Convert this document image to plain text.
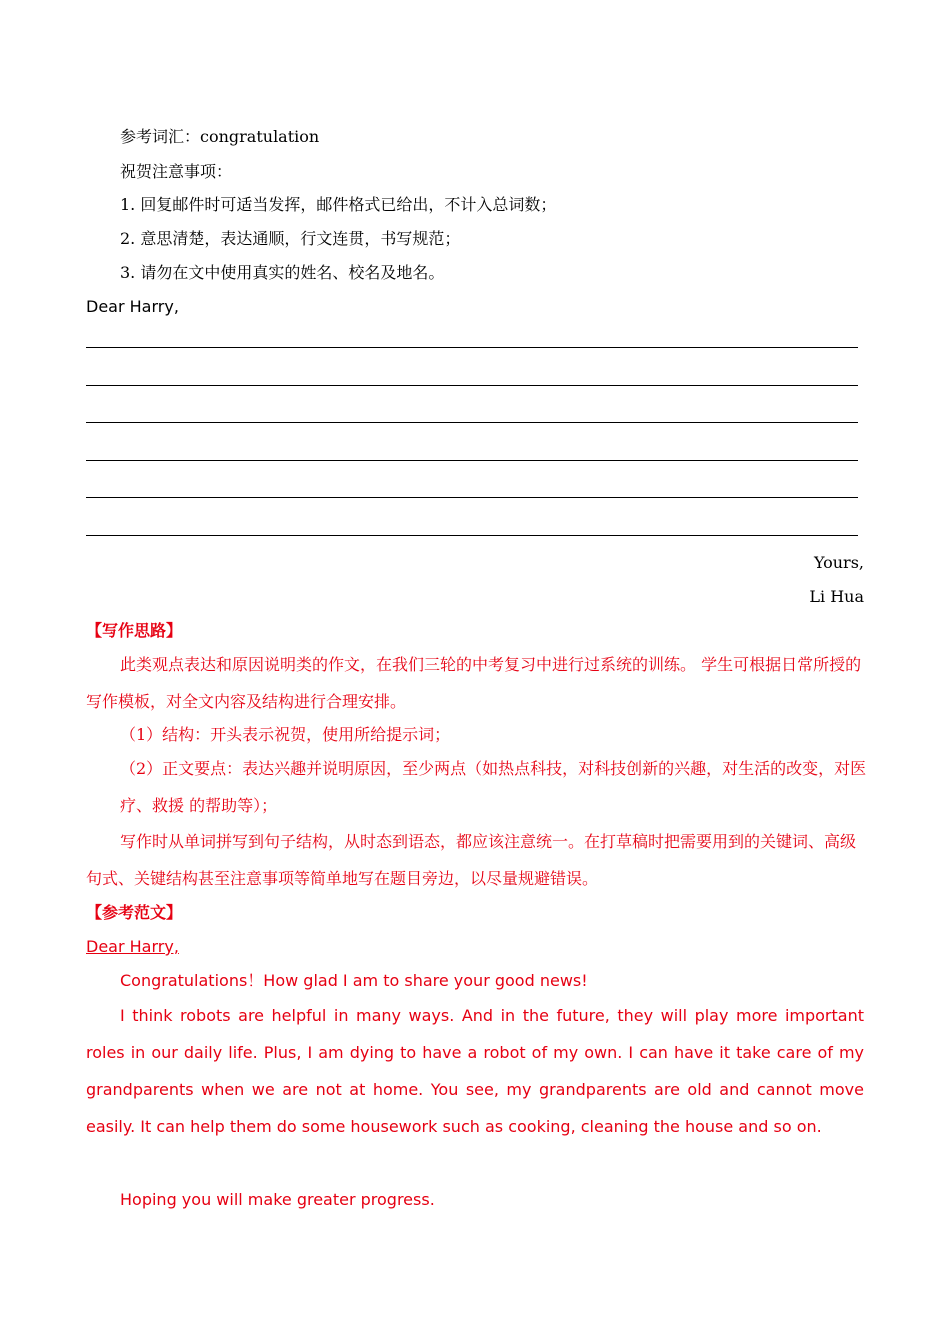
参考词汇：congratulation
祝贺注意事项：
1. 回复邮件时可适当发挥，邮件格式已给出，不计入总词数；
2. 意思清楚，表达通顺，行文连贯，书写规范；
3. 请勿在文中使用真实的姓名、校名及地名。
Dear Harry,
Yours,
Li Hua
【写作思路】
此类观点表达和原因说明类的作文，在我们三轮的中考复习中进行过系统的训练。 学生可根据日常所授的写作模板，对全文内容及结构进行合理安排。
（1）结构：开头表示祝贺，使用所给提示词；
（2）正文要点：表达兴趣并说明原因，至少两点（如热点科技，对科技创新的兴趣，对生活的改变，对医疗、救援 的帮助等）；
写作时从单词拼写到句子结构，从时态到语态，都应该注意统一。在打草稿时把需要用到的关键词、高级句式、关键结构甚至注意事项等简单地写在题目旁边，以尽量规避错误。
【参考范文】
Dear Harry,
Congratulations！How glad I am to share your good news!
I think robots are helpful in many ways. And in the future, they will play more important roles in our daily life. Plus, I am dying to have a robot of my own. I can have it take care of my grandparents when we are not at home. You see, my grandparents are old and cannot move easily. It can help them do some housework such as cooking, cleaning the house and so on.
Hoping you will make greater progress.
